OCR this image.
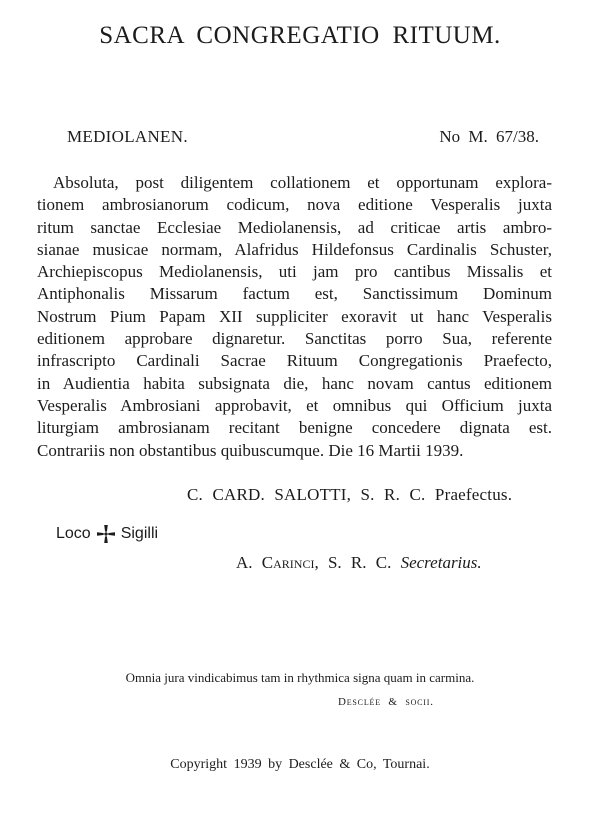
SACRA CONGREGATIO RITUUM.
MEDIOLANEN.	No M. 67/38.
Absoluta, post diligentem collationem et opportunam explora-
tionem ambrosianorum codicum, nova editione Vesperalis juxta
ritum sanctae Ecclesiae Mediolanensis, ad criticae artis ambro-
sianae musicae normam, Alafridus Hildefonsus Cardinalis Schuster,
Archiepiscopus Mediolanensis, uti jam pro cantibus Missalis et
Antiphonalis Missarum factum est, Sanctissimum Dominum
Nostrum Pium Papam XII suppliciter exoravit ut hanc Vesperalis
editionem approbare dignaretur. Sanctitas porro Sua, referente
infrascripto Cardinali Sacrae Rituum Congregationis Praefecto,
in Audientia habita subsignata die, hanc novam cantus editionem
Vesperalis Ambrosiani approbavit, et omnibus qui Officium juxta
liturgiam ambrosianam recitant benigne concedere dignata est.
Contrariis non obstantibus quibuscumque. Die 16 Martii 1939.
C. CARD. SALOTTI, S. R. C. Praefectus.
Loco Sigilli
A. Carinci, S. R. C. Secretarius.
Omnia jura vindicabimus tam in rhythmica signa quam in carmina.
Desclée & socii.
Copyright 1939 by Desclée & Co, Tournai.
